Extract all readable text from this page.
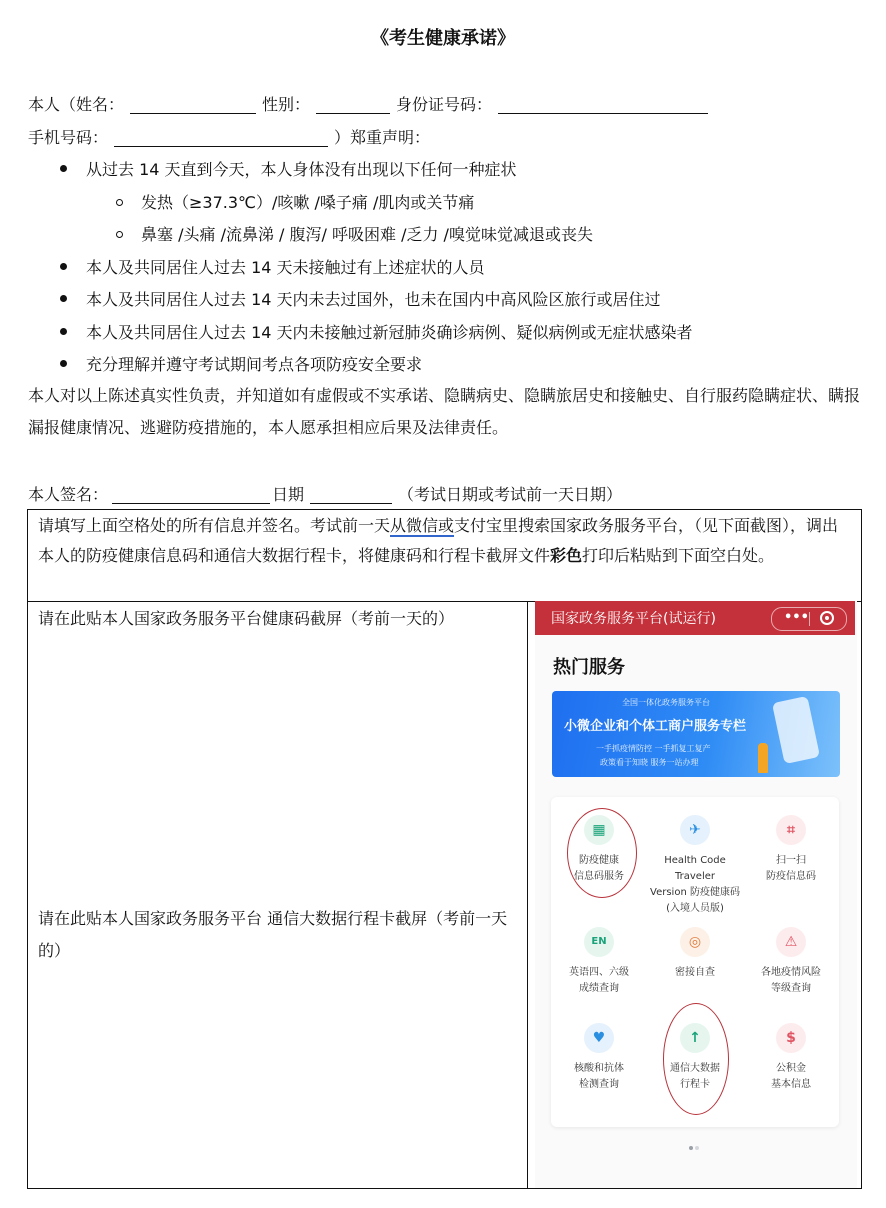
《考生健康承诺》
本人（姓名：	性别：	身份证号码：
手机号码：	）郑重声明：
从过去 14 天直到今天，本人身体没有出现以下任何一种症状
发热（≥37.3℃）/咳嗽 /嗓子痛 /肌肉或关节痛
鼻塞 /头痛 /流鼻涕 / 腹泻/ 呼吸困难 /乏力 /嗅觉味觉减退或丧失
本人及共同居住人过去 14 天未接触过有上述症状的人员
本人及共同居住人过去 14 天内未去过国外，也未在国内中高风险区旅行或居住过
本人及共同居住人过去 14 天内未接触过新冠肺炎确诊病例、疑似病例或无症状感染者
充分理解并遵守考试期间考点各项防疫安全要求
本人对以上陈述真实性负责，并知道如有虚假或不实承诺、隐瞒病史、隐瞒旅居史和接触史、自行服药隐瞒症状、瞒报漏报健康情况、逃避防疫措施的，本人愿承担相应后果及法律责任。
本人签名：	日期	（考试日期或考试前一天日期）
请填写上面空格处的所有信息并签名。考试前一天从微信或支付宝里搜索国家政务服务平台，（见下面截图），调出本人的防疫健康信息码和通信大数据行程卡，将健康码和行程卡截屏文件彩色打印后粘贴到下面空白处。
请在此贴本人国家政务服务平台健康码截屏（考前一天的）
请在此贴本人国家政务服务平台 通信大数据行程卡截屏（考前一天的）
国家政务服务平台(试运行)	•••
热门服务
全国一体化政务服务平台
小微企业和个体工商户服务专栏
一手抓疫情防控 一手抓复工复产
政策看于知晓 服务一站办理
▦
防疫健康
信息码服务
✈
Health Code Traveler
Version 防疫健康码
(入境人员版)
⌗
扫一扫
防疫信息码
EN
英语四、六级
成绩查询
◎
密接自查
⚠
各地疫情风险
等级查询
♥
核酸和抗体
检测查询
↑
通信大数据
行程卡
$
公积金
基本信息
